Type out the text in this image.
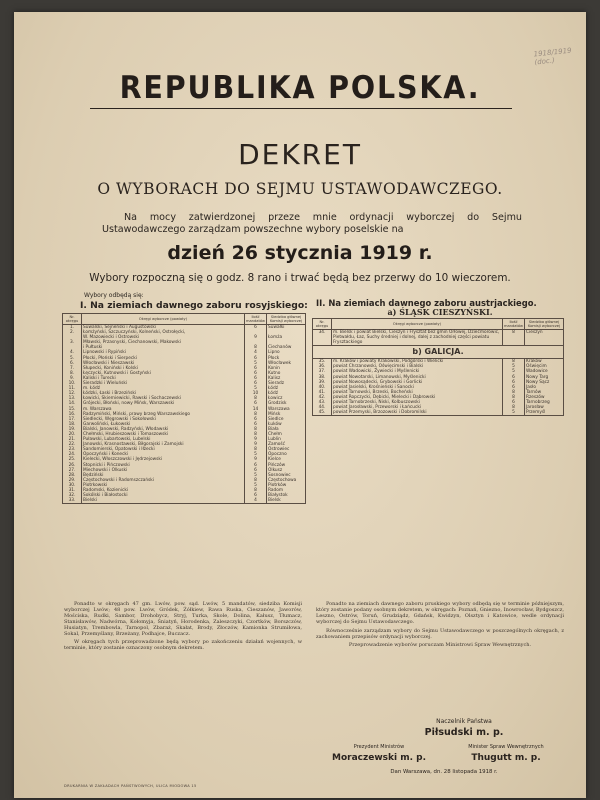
1918/1919 (doc.)
REPUBLIKA POLSKA.
DEKRET
O WYBORACH DO SEJMU USTAWODAWCZEGO.
Na mocy zatwierdzonej przeze mnie ordynacji wyborczej do Sejmu Ustawodawczego zarządzam powszechne wybory poselskie na
dzień 26 stycznia 1919 r.
Wybory rozpoczną się o godz. 8 rano i trwać będą bez przerwy do 10 wieczorem.
Wybory odbędą się:
I. Na ziemiach dawnego zaboru rosyjskiego:
Nr. okręgu	Okręgi wyborcze (powiaty)	Ilość mandatów	Siedziba głównej Komisji wyborczej
1.	Suwalski, Sejneński i Augustowski	6	Suwałki
2.	Łomżyński, Szczuczyński, Kolneński, Ostrołęcki,		
	W. Mazowiecki i Ostrowski	9	Łomża
3.	Mławski, Przasnyski, Ciechanowski, Makowski		
	i Pułtuski	8	Ciechanów
4.	Lipnowski i Rypiński	4	Lipno
5.	Płocki, Płoński i Sierpecki	6	Płock
6.	Włocławski i Nieszawski	5	Włocławek
7.	Słupecki, Koniński i Kolski	6	Konin
8.	Łęczycki, Kutnowski i Gostyński	6	Kutno
9.	Kaliski i Turecki	6	Kalisz
10.	Sieradzki i Wieluński	6	Sieradz
11.	m. Łódź	5	Łódź
12.	Łódzki, Łaski i Brzeziński	10	Łódź
13.	Łowicki, Skierniewicki, Rawski i Sochaczewski	8	Łowicz
14.	Grójecki, Błoński, nowy Mińsk, Warszawski	6	Grodzisk
15.	m. Warszawa	14	Warszawa
16.	Radzymiński, Miński, prawy brzeg Warszawskiego	8	Mińsk
17.	Siedlecki, Węgrowski i Sokołowski	6	Siedlce
18.	Garwoliński, Łukowski	6	Łuków
19.	Bialski, Janowski, Radzyński, Włodawski	8	Biała
20.	Chełmski, Hrubieszowski i Tomaszowski	8	Chełm
21.	Puławski, Lubartowski, Lubelski	9	Lublin
22.	Janowski, Krasnostawski, Biłgorajski i Zamojski	9	Zamość
23.	Sandomierski, Opatowski i Iłżecki	8	Ostrowiec
24.	Opoczyński i Konecki	5	Opoczno
25.	Kielecki, Włoszczowski i Jędrzejowski	9	Kielce
26.	Stopnicki i Pińczowski	6	Pińczów
27.	Miechowski i Olkuski	6	Olkusz
28.	Będziński	5	Sosnowiec
29.	Częstochowski i Radomszczański	8	Częstochowa
30.	Piotrkowski	5	Piotrków
31.	Radomski, Kozienicki	8	Radom
32.	Sokólski i Białostocki	6	Białystok
33.	Bielski	4	Bielsk
II. Na ziemiach dawnego zaboru austrjackiego.
a) ŚLĄSK CIESZYŃSKI.
Nr. okręgu	Okręgi wyborcze (powiaty)	Ilość mandatów	Siedziba głównej Komisji wyborczej
34.	m. Bielsk i powiat Bielski, Cieszyn i Frysztat bez gmin Orłowej, Dziećmorowic, Pietwałdu, Łaz, Suchy średniej i dolnej, dalej z zachodniej części powiatu Frysztackiego	8	Cieszyn
b) GALICJA.			
35.	m. Kraków i powiaty Krakowski, Podgórski i Wielicki	8	Kraków
36.	powiat Chrzanowski, Oświęcimski i Bialski	5	Oświęcim
37.	powiat Wadowicki, Żywiecki i Myślenicki	5	Wadowice
38.	powiat Nowotarski, Limanowski, Myślenicki	6	Nowy Targ
39.	powiat Nowosądecki, Grybowski i Gorlicki	6	Nowy Sącz
40.	powiat Jasielski, Krośnieński i Sanocki	6	Jasło
41.	powiat Tarnowski, Brzeski, Bocheński	8	Tarnów
42.	powiat Ropczycki, Dębicki, Mielecki i Dąbrowski	8	Rzeszów
43.	powiat Tarnobrzeski, Niski, Kolbuszowski	6	Tarnobrzeg
44.	powiat Jarosławski, Przeworski i Łańcucki	8	Jarosław
45.	powiat Przemyski, Brzozowski i Dobromilski	5	Przemyśl

Ponadto w okręgach 47 gm. Lwów, pow. sąd. Lwów, 5 mandatów, siedziba Komisji wyborczej Lwów; 48 pow. Lwów, Gródek, Żółkiew, Rawa Ruska, Cieszanów, Jaworów, Mościska, Rudki, Sambor, Drohobycz, Stryj, Turka, Skole, Dolina, Kałusz, Tłumacz, Stanisławów, Nadwórna, Kołomyja, Śniatyń, Horodenka, Zaleszczyki, Czortków, Borszczów, Husiatyn, Trembowla, Tarnopol, Zbaraż, Skałat, Brody, Złoczów, Kamionka Strumiłowa, Sokal, Przemyślany, Brzeżany, Podhajce, Buczacz.

W okręgach tych przeprowadzone będą wybory po zakończeniu działań wojennych, w terminie, który zostanie oznaczony osobnym dekretem.

Ponadto na ziemiach dawnego zaboru pruskiego wybory odbędą się w terminie późniejszym, który zostanie podany osobnym dekretem, w okręgach: Poznań, Gniezno, Inowrocław, Bydgoszcz, Leszno, Ostrów, Toruń, Grudziądz, Gdańsk, Kwidzyn, Olsztyn i Katowice, wedle ordynacji wyborczej do Sejmu Ustawodawczego.

Równocześnie zarządzam wybory do Sejmu Ustawodawczego w poszczególnych okręgach, z zachowaniem przepisów ordynacji wyborczej.

Przeprowadzenie wyborów poruczam Ministrowi Spraw Wewnętrznych.

Naczelnik Państwa
Piłsudski m. p.
Prezydent Ministrów
Moraczewski m. p.
Minister Spraw Wewnętrznych
Thugutt m. p.
Dan Warszawa, dn. 28 listopada 1918 r.
DRUKARNIA W ZAKŁADACH PAŃSTWOWYCH, ULICA MIODOWA 15
